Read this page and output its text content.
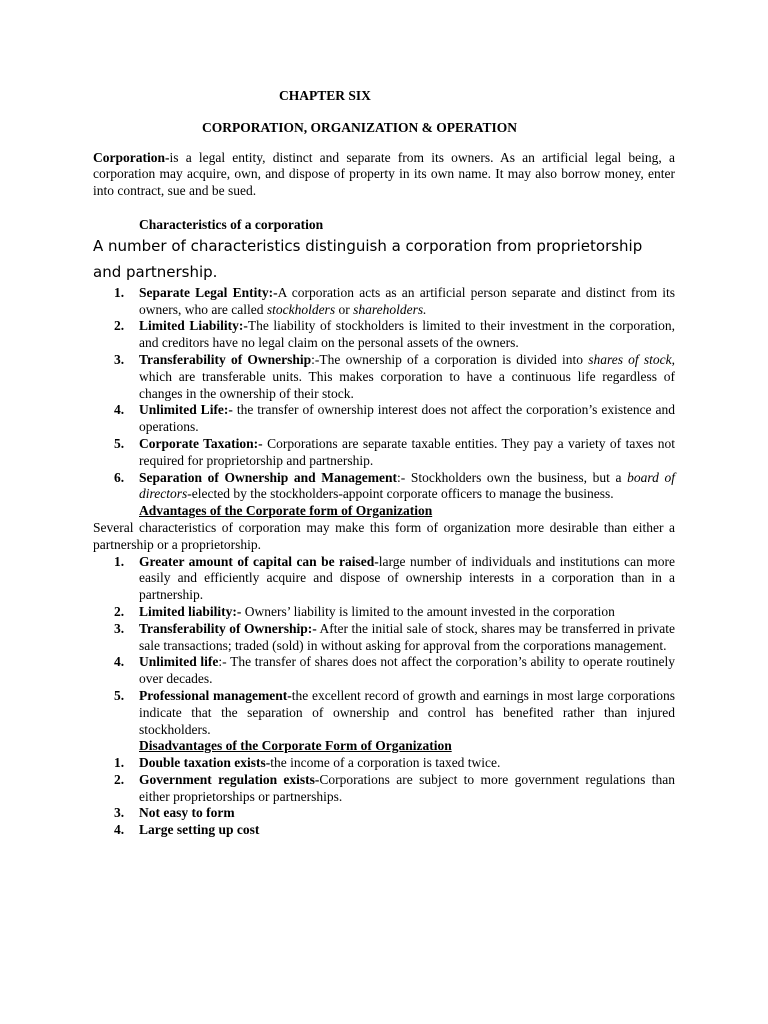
CHAPTER SIX
CORPORATION, ORGANIZATION & OPERATION

Corporation-is a legal entity, distinct and separate from its owners. As an artificial legal being, a corporation may acquire, own, and dispose of property in its own name. It may also borrow money, enter into contract, sue and be sued.

Characteristics of a corporation
A number of characteristics distinguish a corporation from proprietorship and partnership.
1. Separate Legal Entity:-A corporation acts as an artificial person separate and distinct from its owners, who are called stockholders or shareholders.
2. Limited Liability:-The liability of stockholders is limited to their investment in the corporation, and creditors have no legal claim on the personal assets of the owners.
3. Transferability of Ownership:-The ownership of a corporation is divided into shares of stock, which are transferable units. This makes corporation to have a continuous life regardless of changes in the ownership of their stock.
4. Unlimited Life:- the transfer of ownership interest does not affect the corporation’s existence and operations.
5. Corporate Taxation:- Corporations are separate taxable entities. They pay a variety of taxes not required for proprietorship and partnership.
6. Separation of Ownership and Management:- Stockholders own the business, but a board of directors-elected by the stockholders-appoint corporate officers to manage the business.
Advantages of the Corporate form of Organization
Several characteristics of corporation may make this form of organization more desirable than either a partnership or a proprietorship.
1. Greater amount of capital can be raised-large number of individuals and institutions can more easily and efficiently acquire and dispose of ownership interests in a corporation than in a partnership.
2. Limited liability:- Owners’ liability is limited to the amount invested in the corporation
3. Transferability of Ownership:- After the initial sale of stock, shares may be transferred in private sale transactions; traded (sold) in without asking for approval from the corporations management.
4. Unlimited life:- The transfer of shares does not affect the corporation’s ability to operate routinely over decades.
5. Professional management-the excellent record of growth and earnings in most large corporations indicate that the separation of ownership and control has benefited rather than injured stockholders.
Disadvantages of the Corporate Form of Organization
1. Double taxation exists-the income of a corporation is taxed twice.
2. Government regulation exists-Corporations are subject to more government regulations than either proprietorships or partnerships.
3. Not easy to form
4. Large setting up cost
